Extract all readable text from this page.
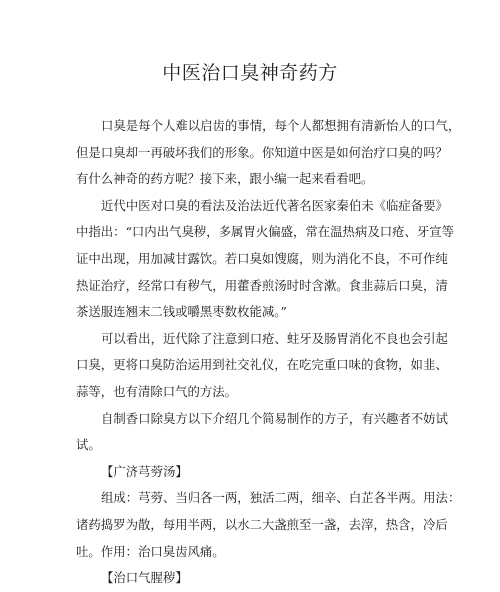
中医治口臭神奇药方
口 臭 是 每 个 人 难 以 启 齿 的 事 情 ， 每 个 人 都 想 拥 有 清 新 怡 人 的 口 气 ，
但 是 口 臭 却 一 再 破 坏 我 们 的 形 象 。 你 知 道 中 医 是 如 何 治 疗 口 臭 的 吗 ？
有什么神奇的药方呢？接下来，跟小编一起来看看吧。
近 代 中 医 对 口 臭 的 看 法 及 治 法 近 代 著 名 医 家 秦 伯 未 《 临 症 备 要 》
中 指 出 ： “ 口 内 出 气 臭 秽 ， 多 属 胃 火 偏 盛 ， 常 在 温 热 病 及 口 疮 、 牙 宣 等
证 中 出 现 ， 用 加 减 甘 露 饮 。 若 口 臭 如 馊 腐 ， 则 为 消 化 不 良 ， 不 可 作 纯
热 证 治 疗 ， 经 常 口 有 秽 气 ， 用 藿 香 煎 汤 时 时 含 漱 。 食 韭 蒜 后 口 臭 ， 清
茶送服连翘末二钱或嚼黑枣数枚能减。”
可 以 看 出 ， 近 代 除 了 注 意 到 口 疮 、 蛀 牙 及 肠 胃 消 化 不 良 也 会 引 起
口 臭 ， 更 将 口 臭 防 治 运 用 到 社 交 礼 仪 ， 在 吃 完 重 口 味 的 食 物 ， 如 韭 、
蒜等，也有清除口气的方法。
自 制 香 口 除 臭 方 以 下 介 绍 几 个 简 易 制 作 的 方 子 ， 有 兴 趣 者 不 妨 试
试。
【广济芎䓖汤】
组 成 ： 芎 䓖 、 当 归 各 一 两 ， 独 活 二 两 ， 细 辛 、 白 芷 各 半 两 。 用 法 ：
诸 药 捣 罗 为 散 ， 每 用 半 两 ， 以 水 二 大 盏 煎 至 一 盏 ， 去 滓 ， 热 含 ， 冷 后
吐。作用：治口臭齿风痛。
【治口气腥秽】
